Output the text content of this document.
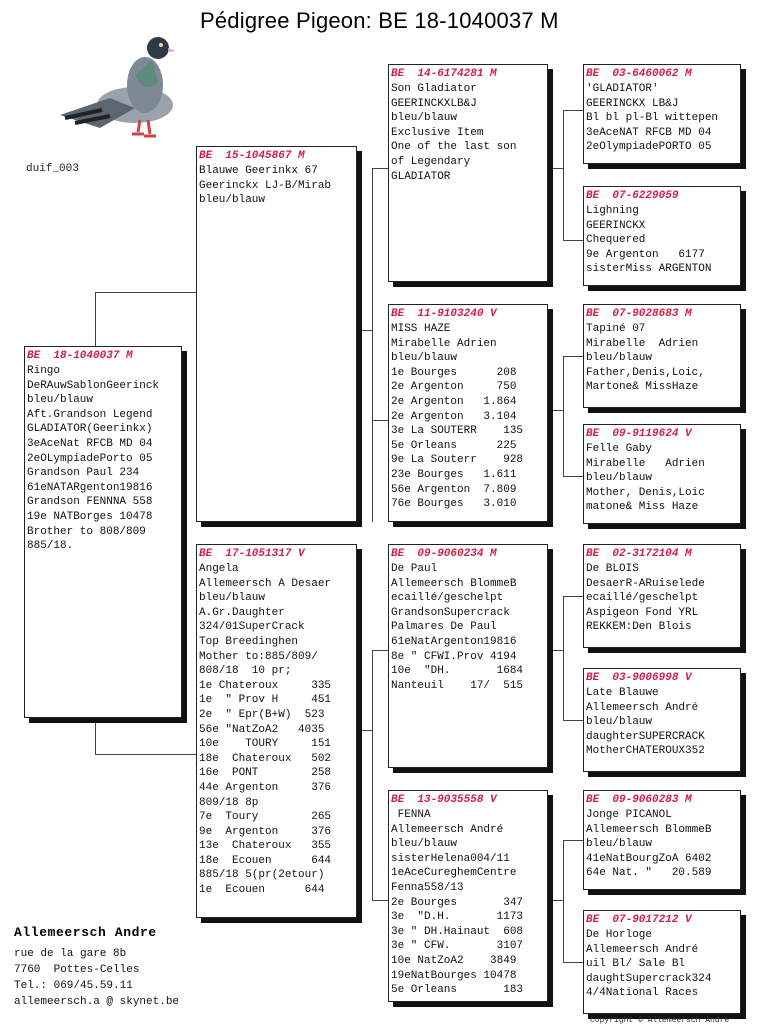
Pédigree Pigeon: BE 18-1040037 M
duif_003
BE  18-1040037 M
Ringo
DeRAuwSablonGeerinck
bleu/blauw
Aft.Grandson Legend
GLADIATOR(Geerinkx)
3eAceNat RFCB MD 04
2eOLympiadePorto 05
Grandson Paul 234
61eNATARgenton19816
Grandson FENNNA 558
19e NATBorges 10478
Brother to 808/809
885/18.
BE  15-1045867 M
Blauwe Geerinkx 67
Geerinckx LJ-B/Mirab
bleu/blauw
BE  17-1051317 V
Angela
Allemeersch A Desaer
bleu/blauw
A.Gr.Daughter
324/01SuperCrack
Top Breedinghen
Mother to:885/809/
808/18  10 pr;
1e Chateroux     335
1e  " Prov H     451
2e  " Epr(B+W)  523
56e "NatZoA2   4035
10e    TOURY     151
18e  Chateroux   502
16e  PONT        258
44e Argenton     376
809/18 8p
7e  Toury        265
9e  Argenton     376
13e  Chateroux   355
18e  Ecouen      644
885/18 5(pr(2etour)
1e  Ecouen      644
BE  14-6174281 M
Son Gladiator
GEERINCKXLB&J
bleu/blauw
Exclusive Item
One of the last son
of Legendary
GLADIATOR
BE  11-9103240 V
MISS HAZE
Mirabelle Adrien
bleu/blauw
1e Bourges      208
2e Argenton     750
2e Argenton   1.864
2e Argenton   3.104
3e La SOUTERR    135
5e Orleans      225
9e La Souterr    928
23e Bourges   1.611
56e Argenton  7.809
76e Bourges   3.010
BE  09-9060234 M
De Paul
Allemeersch BlommeB
ecaillé/geschelpt
GrandsonSupercrack
Palmares De Paul
61eNatArgenton19816
8e " CFWI.Prov 4194
10e  "DH.       1684
Nanteuil    17/  515
BE  13-9035558 V
FENNA
Allemeersch André
bleu/blauw
sisterHelena004/11
1eAceCureghemCentre
Fenna558/13
2e Bourges       347
3e  "D.H.       1173
3e " DH.Hainaut  608
3e " CFW.       3107
10e NatZoA2    3849
19eNatBourges 10478
5e Orleans       183
BE  03-6460062 M
'GLADIATOR'
GEERINCKX LB&J
Bl bl pl-Bl wittepen
3eAceNAT RFCB MD 04
2eOlympiadePORTO 05
BE  07-6229059
Lighning
GEERINCKX
Chequered
9e Argenton   6177
sisterMiss ARGENTON
BE  07-9028683 M
Tapiné 07
Mirabelle  Adrien
bleu/blauw
Father,Denis,Loic,
Martone& MissHaze
BE  09-9119624 V
Felle Gaby
Mirabelle   Adrien
bleu/blauw
Mother, Denis,Loic
matone& Miss Haze
BE  02-3172104 M
De BLOIS
DesaerR-ARuiselede
ecaillé/geschelpt
Aspigeon Fond YRL
REKKEM:Den Blois
BE  03-9006998 V
Late Blauwe
Allemeersch André
bleu/blauw
daughterSUPERCRACK
MotherCHATEROUX352
BE  09-9060283 M
Jonge PICANOL
Allemeersch BlommeB
bleu/blauw
41eNatBourgZoA 6402
64e Nat. "   20.589
BE  07-9017212 V
De Horloge
Allemeersch André
uil Bl/ Sale Bl
daughtSupercrack324
4/4National Races
Allemeersch Andre
rue de la gare 8b
7760  Pottes-Celles
Tel.: 069/45.59.11
allemeersch.a @ skynet.be
Copyright © Allemeersch Andre
